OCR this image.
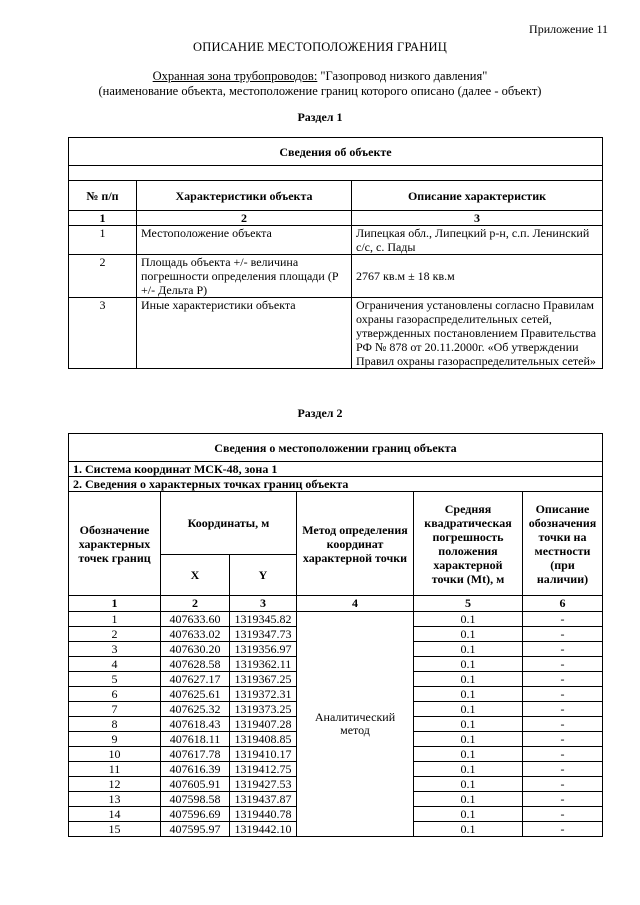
Приложение 11
ОПИСАНИЕ МЕСТОПОЛОЖЕНИЯ ГРАНИЦ
Охранная зона трубопроводов: "Газопровод низкого давления"
(наименование объекта, местоположение границ которого описано (далее - объект)
Раздел 1
Сведения об объекте		

№ п/п	Характеристики объекта	Описание характеристик
1	2	3
1	Местоположение объекта	Липецкая обл., Липецкий р-н, с.п. Ленинский с/с, с. Пады
2	Площадь объекта +/- величина погрешности определения площади (P +/- Дельта P)	2767 кв.м ± 18 кв.м
3	Иные характеристики объекта	Ограничения установлены согласно Правилам охраны газораспределительных сетей, утвержденных постановлением Правительства РФ № 878 от 20.11.2000г. «Об утверждении Правил охраны газораспределительных сетей»
Раздел 2
Сведения о местоположении границ объекта					
1. Система координат МСК-48, зона 1					
2. Сведения о характерных точках границ объекта					
Обозначение характерных точек границ	Координаты, м		Метод определения координат характерной точки	Средняя квадратическая погрешность положения характерной точки (Mt), м	Описание обозначения точки на местности (при наличии)
	X	Y			
1	2	3	4	5	6
1	407633.60	1319345.82	Аналитический метод	0.1	-
2	407633.02	1319347.73		0.1	-
3	407630.20	1319356.97		0.1	-
4	407628.58	1319362.11		0.1	-
5	407627.17	1319367.25		0.1	-
6	407625.61	1319372.31		0.1	-
7	407625.32	1319373.25		0.1	-
8	407618.43	1319407.28		0.1	-
9	407618.11	1319408.85		0.1	-
10	407617.78	1319410.17		0.1	-
11	407616.39	1319412.75		0.1	-
12	407605.91	1319427.53		0.1	-
13	407598.58	1319437.87		0.1	-
14	407596.69	1319440.78		0.1	-
15	407595.97	1319442.10		0.1	-
